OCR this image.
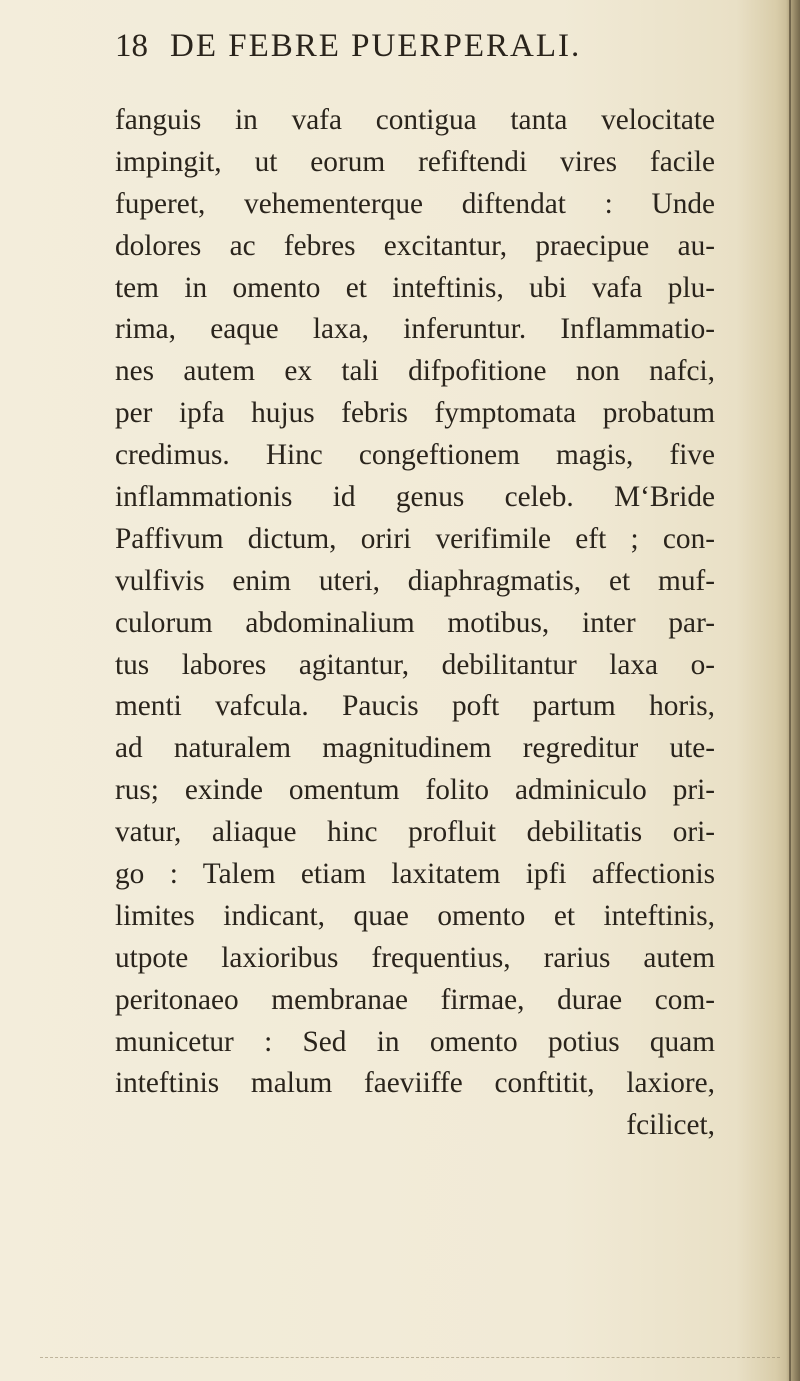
18 DE FEBRE PUERPERALI.
fanguis in vafa contigua tanta velocitate
impingit, ut eorum refiftendi vires facile
fuperet, vehementerque diftendat : Unde
dolores ac febres excitantur, praecipue au-
tem in omento et inteftinis, ubi vafa plu-
rima, eaque laxa, inferuntur. Inflammatio-
nes autem ex tali difpofitione non nafci,
per ipfa hujus febris fymptomata probatum
credimus. Hinc congeftionem magis, five
inflammationis id genus celeb. M‘Bride
Paffivum dictum, oriri verifimile eft ; con-
vulfivis enim uteri, diaphragmatis, et muf-
culorum abdominalium motibus, inter par-
tus labores agitantur, debilitantur laxa o-
menti vafcula. Paucis poft partum horis,
ad naturalem magnitudinem regreditur ute-
rus; exinde omentum folito adminiculo pri-
vatur, aliaque hinc profluit debilitatis ori-
go : Talem etiam laxitatem ipfi affectionis
limites indicant, quae omento et inteftinis,
utpote laxioribus frequentius, rarius autem
peritonaeo membranae firmae, durae com-
municetur : Sed in omento potius quam
inteftinis malum faeviiffe conftitit, laxiore,
fcilicet,
